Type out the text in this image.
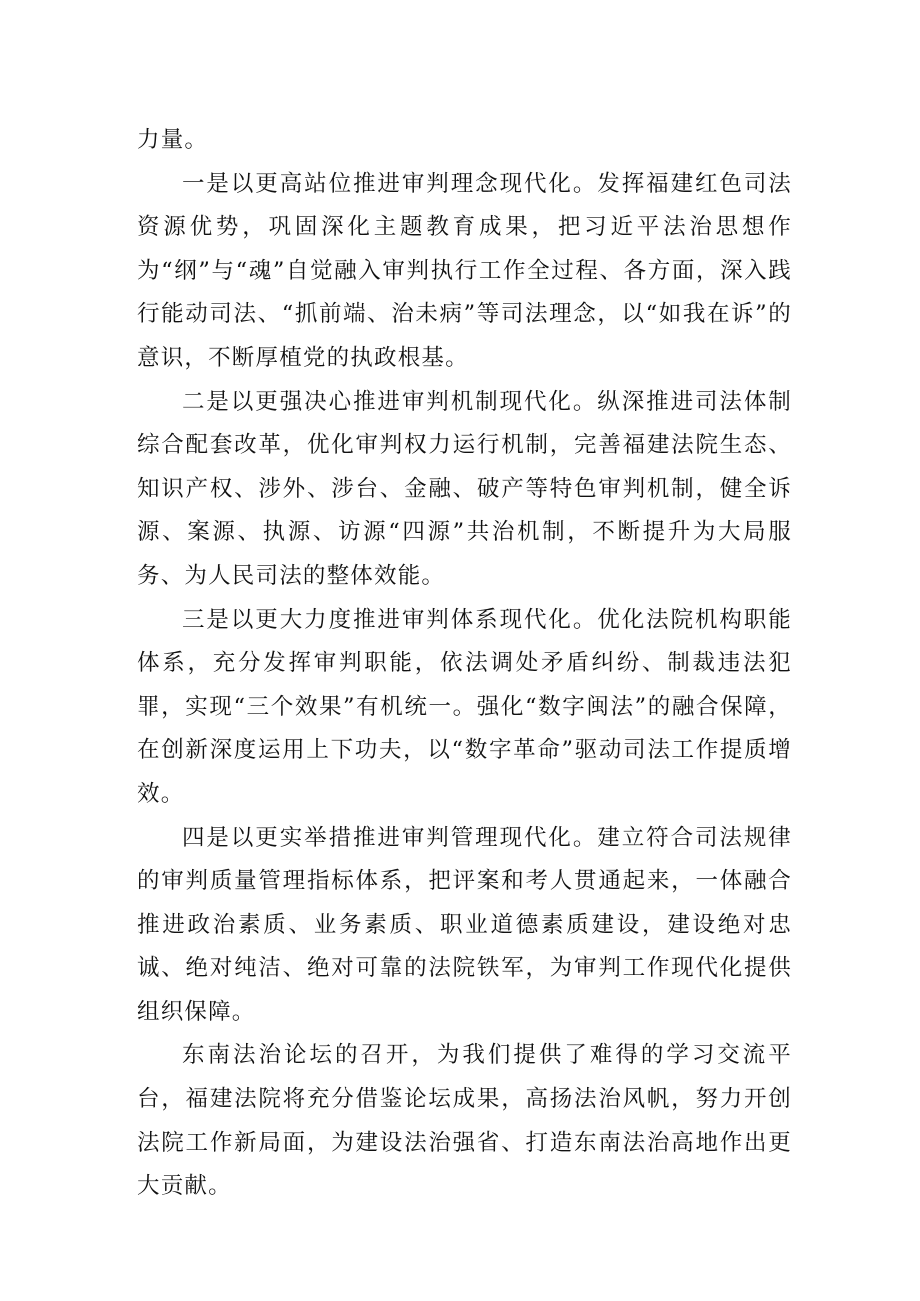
力量。

一是以更高站位推进审判理念现代化。发挥福建红色司法资源优势，巩固深化主题教育成果，把习近平法治思想作为“纲”与“魂”自觉融入审判执行工作全过程、各方面，深入践行能动司法、“抓前端、治未病”等司法理念，以“如我在诉”的意识，不断厚植党的执政根基。

二是以更强决心推进审判机制现代化。纵深推进司法体制综合配套改革，优化审判权力运行机制，完善福建法院生态、知识产权、涉外、涉台、金融、破产等特色审判机制，健全诉源、案源、执源、访源“四源”共治机制，不断提升为大局服务、为人民司法的整体效能。

三是以更大力度推进审判体系现代化。优化法院机构职能体系，充分发挥审判职能，依法调处矛盾纠纷、制裁违法犯罪，实现“三个效果”有机统一。强化“数字闽法”的融合保障，在创新深度运用上下功夫，以“数字革命”驱动司法工作提质增效。

四是以更实举措推进审判管理现代化。建立符合司法规律的审判质量管理指标体系，把评案和考人贯通起来，一体融合推进政治素质、业务素质、职业道德素质建设，建设绝对忠诚、绝对纯洁、绝对可靠的法院铁军，为审判工作现代化提供组织保障。

东南法治论坛的召开，为我们提供了难得的学习交流平台，福建法院将充分借鉴论坛成果，高扬法治风帆，努力开创法院工作新局面，为建设法治强省、打造东南法治高地作出更大贡献。
